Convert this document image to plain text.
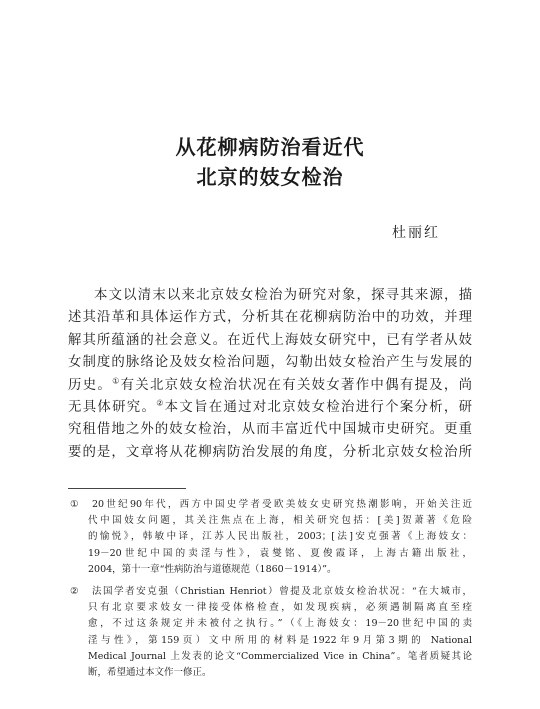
从花柳病防治看近代
北京的妓女检治
杜丽红
本文以清末以来北京妓女检治为研究对象，探寻其来源，描
述其沿革和具体运作方式，分析其在花柳病防治中的功效，并理
解其所蕴涵的社会意义。在近代上海妓女研究中，已有学者从妓
女制度的脉络论及妓女检治问题，勾勒出妓女检治产生与发展的
历史。①有关北京妓女检治状况在有关妓女著作中偶有提及，尚
无具体研究。②本文旨在通过对北京妓女检治进行个案分析，研
究租借地之外的妓女检治，从而丰富近代中国城市史研究。更重
要的是，文章将从花柳病防治发展的角度，分析北京妓女检治所
①	20世纪90年代，西方中国史学者受欧美妓女史研究热潮影响，开始关注近
代中国妓女问题，其关注焦点在上海，相关研究包括：[美]贺萧著《危险
的愉悦》，韩敏中译，江苏人民出版社，2003；[法]安克强著《上海妓女：
19－20世纪中国的卖淫与性》，袁燮铭、夏俊霞译，上海古籍出版社，
2004，第十一章“性病防治与道德规范（1860－1914）”。
②	法国学者安克强（Christian Henriot）曾提及北京妓女检治状况：“在大城市，
只有北京要求妓女一律接受体格检查，如发现疾病，必须遇制隔离直至痊
愈，不过这条规定并未被付之执行。”（《上海妓女：19－20世纪中国的卖
淫与性》，第159页）文中所用的材料是1922年9月第3期的 National
Medical Journal 上发表的论文“Commercialized Vice in China”。笔者质疑其论
断，希望通过本文作一修正。
